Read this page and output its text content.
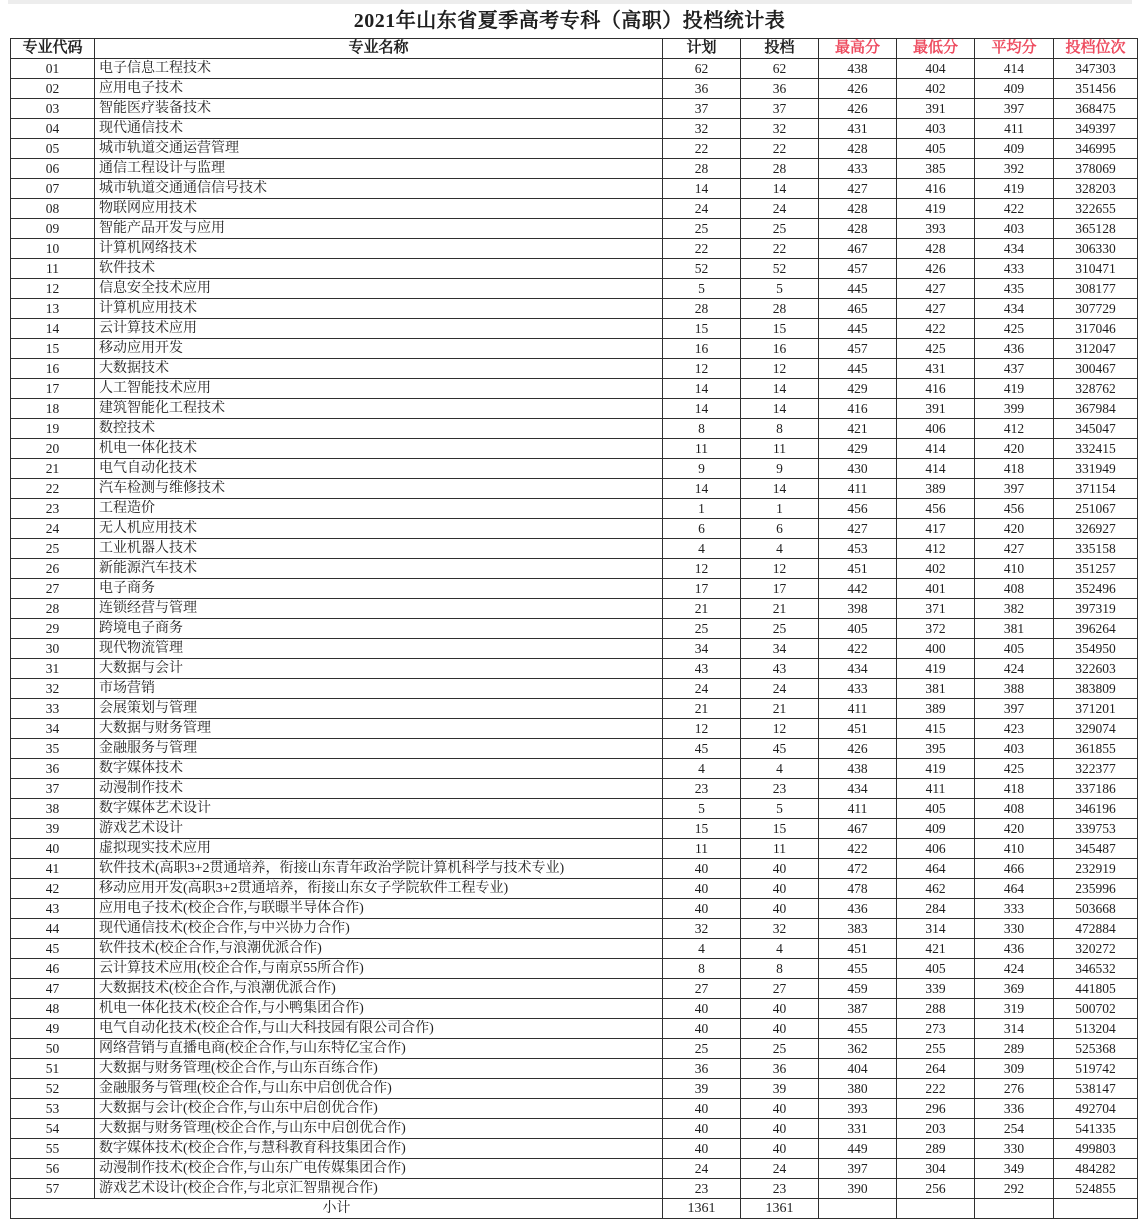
2021年山东省夏季高考专科（高职）投档统计表
专业代码	专业名称	计划	投档	最高分	最低分	平均分	投档位次
01	电子信息工程技术	62	62	438	404	414	347303
02	应用电子技术	36	36	426	402	409	351456
03	智能医疗装备技术	37	37	426	391	397	368475
04	现代通信技术	32	32	431	403	411	349397
05	城市轨道交通运营管理	22	22	428	405	409	346995
06	通信工程设计与监理	28	28	433	385	392	378069
07	城市轨道交通通信信号技术	14	14	427	416	419	328203
08	物联网应用技术	24	24	428	419	422	322655
09	智能产品开发与应用	25	25	428	393	403	365128
10	计算机网络技术	22	22	467	428	434	306330
11	软件技术	52	52	457	426	433	310471
12	信息安全技术应用	5	5	445	427	435	308177
13	计算机应用技术	28	28	465	427	434	307729
14	云计算技术应用	15	15	445	422	425	317046
15	移动应用开发	16	16	457	425	436	312047
16	大数据技术	12	12	445	431	437	300467
17	人工智能技术应用	14	14	429	416	419	328762
18	建筑智能化工程技术	14	14	416	391	399	367984
19	数控技术	8	8	421	406	412	345047
20	机电一体化技术	11	11	429	414	420	332415
21	电气自动化技术	9	9	430	414	418	331949
22	汽车检测与维修技术	14	14	411	389	397	371154
23	工程造价	1	1	456	456	456	251067
24	无人机应用技术	6	6	427	417	420	326927
25	工业机器人技术	4	4	453	412	427	335158
26	新能源汽车技术	12	12	451	402	410	351257
27	电子商务	17	17	442	401	408	352496
28	连锁经营与管理	21	21	398	371	382	397319
29	跨境电子商务	25	25	405	372	381	396264
30	现代物流管理	34	34	422	400	405	354950
31	大数据与会计	43	43	434	419	424	322603
32	市场营销	24	24	433	381	388	383809
33	会展策划与管理	21	21	411	389	397	371201
34	大数据与财务管理	12	12	451	415	423	329074
35	金融服务与管理	45	45	426	395	403	361855
36	数字媒体技术	4	4	438	419	425	322377
37	动漫制作技术	23	23	434	411	418	337186
38	数字媒体艺术设计	5	5	411	405	408	346196
39	游戏艺术设计	15	15	467	409	420	339753
40	虚拟现实技术应用	11	11	422	406	410	345487
41	软件技术(高职3+2贯通培养，衔接山东青年政治学院计算机科学与技术专业)	40	40	472	464	466	232919
42	移动应用开发(高职3+2贯通培养，衔接山东女子学院软件工程专业)	40	40	478	462	464	235996
43	应用电子技术(校企合作,与联暻半导体合作)	40	40	436	284	333	503668
44	现代通信技术(校企合作,与中兴协力合作)	32	32	383	314	330	472884
45	软件技术(校企合作,与浪潮优派合作)	4	4	451	421	436	320272
46	云计算技术应用(校企合作,与南京55所合作)	8	8	455	405	424	346532
47	大数据技术(校企合作,与浪潮优派合作)	27	27	459	339	369	441805
48	机电一体化技术(校企合作,与小鸭集团合作)	40	40	387	288	319	500702
49	电气自动化技术(校企合作,与山大科技园有限公司合作)	40	40	455	273	314	513204
50	网络营销与直播电商(校企合作,与山东特亿宝合作)	25	25	362	255	289	525368
51	大数据与财务管理(校企合作,与山东百练合作)	36	36	404	264	309	519742
52	金融服务与管理(校企合作,与山东中启创优合作)	39	39	380	222	276	538147
53	大数据与会计(校企合作,与山东中启创优合作)	40	40	393	296	336	492704
54	大数据与财务管理(校企合作,与山东中启创优合作)	40	40	331	203	254	541335
55	数字媒体技术(校企合作,与慧科教育科技集团合作)	40	40	449	289	330	499803
56	动漫制作技术(校企合作,与山东广电传媒集团合作)	24	24	397	304	349	484282
57	游戏艺术设计(校企合作,与北京汇智鼎视合作)	23	23	390	256	292	524855
小计		1361	1361				
